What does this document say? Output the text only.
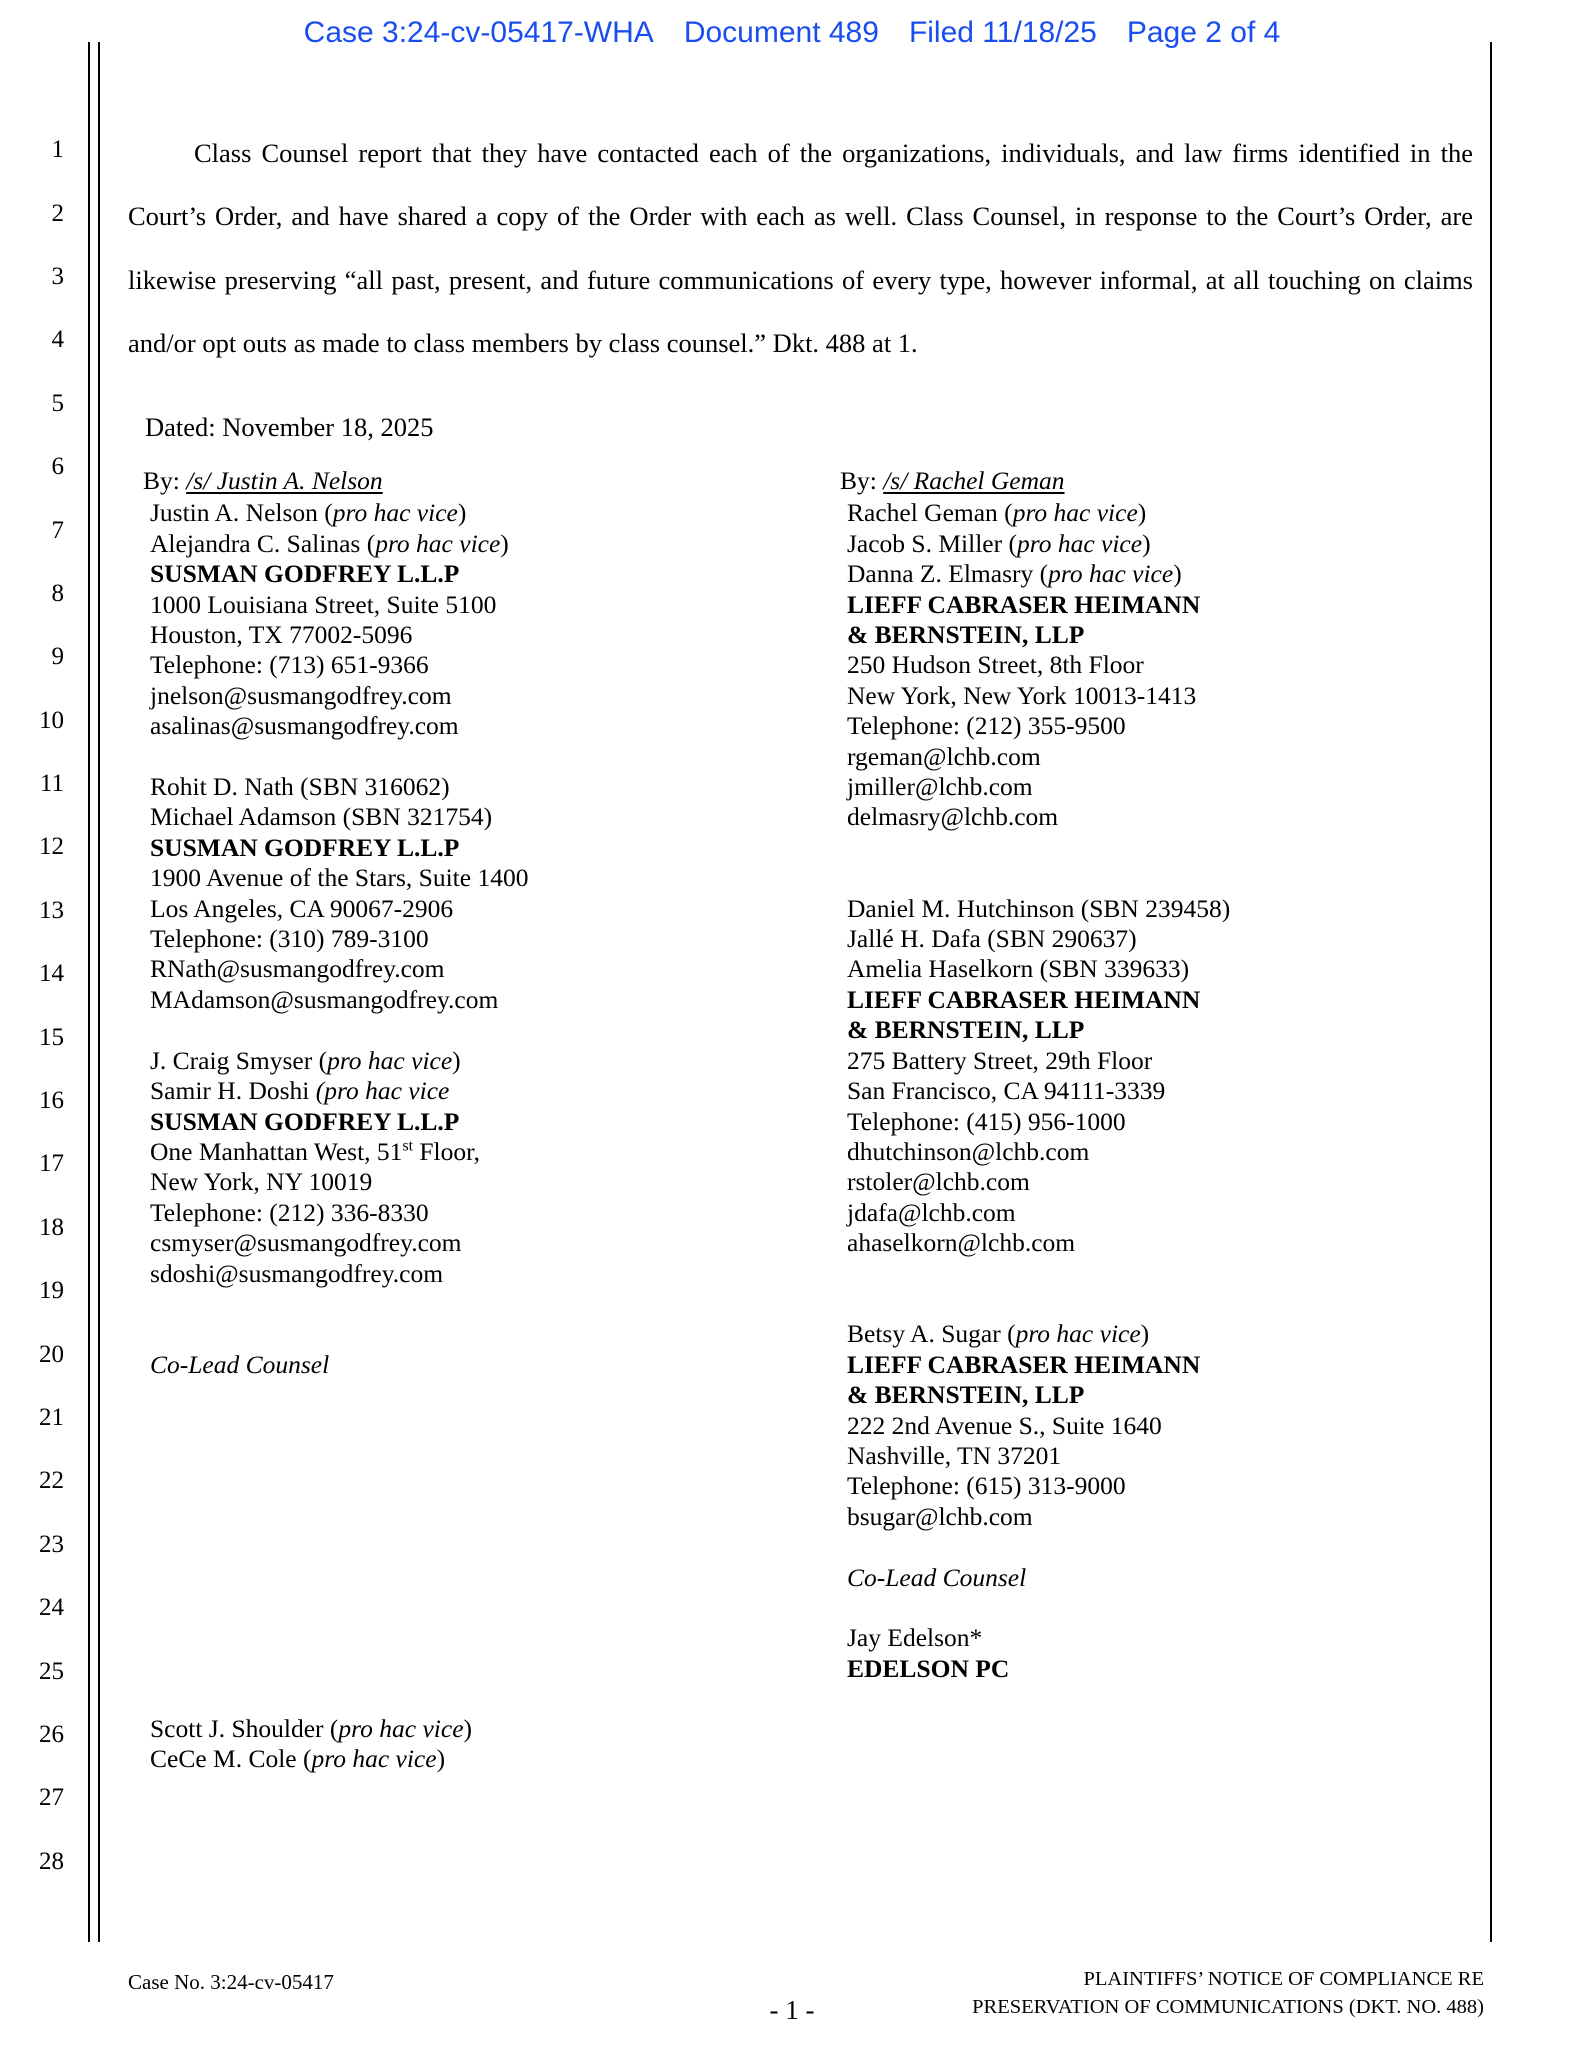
Case 3:24-cv-05417-WHA Document 489 Filed 11/18/25 Page 2 of 4
1
2
3
4
5
6
7
8
9
10
11
12
13
14
15
16
17
18
19
20
21
22
23
24
25
26
27
28
Class Counsel report that they have contacted each of the organizations, individuals, and law firms identified in the Court’s Order, and have shared a copy of the Order with each as well. Class Counsel, in response to the Court’s Order, are likewise preserving “all past, present, and future communications of every type, however informal, at all touching on claims and/or opt outs as made to class members by class counsel.” Dkt. 488 at 1.
Dated: November 18, 2025
By: /s/ Justin A. Nelson
Justin A. Nelson (pro hac vice)
Alejandra C. Salinas (pro hac vice)
SUSMAN GODFREY L.L.P
1000 Louisiana Street, Suite 5100
Houston, TX 77002-5096
Telephone: (713) 651-9366
jnelson@susmangodfrey.com
asalinas@susmangodfrey.com
Rohit D. Nath (SBN 316062)
Michael Adamson (SBN 321754)
SUSMAN GODFREY L.L.P
1900 Avenue of the Stars, Suite 1400
Los Angeles, CA 90067-2906
Telephone: (310) 789-3100
RNath@susmangodfrey.com
MAdamson@susmangodfrey.com
J. Craig Smyser (pro hac vice)
Samir H. Doshi (pro hac vice
SUSMAN GODFREY L.L.P
One Manhattan West, 51st Floor,
New York, NY 10019
Telephone: (212) 336-8330
csmyser@susmangodfrey.com
sdoshi@susmangodfrey.com
Co-Lead Counsel
Scott J. Shoulder (pro hac vice)
CeCe M. Cole (pro hac vice)
By: /s/ Rachel Geman
Rachel Geman (pro hac vice)
Jacob S. Miller (pro hac vice)
Danna Z. Elmasry (pro hac vice)
LIEFF CABRASER HEIMANN
& BERNSTEIN, LLP
250 Hudson Street, 8th Floor
New York, New York 10013-1413
Telephone: (212) 355-9500
rgeman@lchb.com
jmiller@lchb.com
delmasry@lchb.com
Daniel M. Hutchinson (SBN 239458)
Jallé H. Dafa (SBN 290637)
Amelia Haselkorn (SBN 339633)
LIEFF CABRASER HEIMANN
& BERNSTEIN, LLP
275 Battery Street, 29th Floor
San Francisco, CA 94111-3339
Telephone: (415) 956-1000
dhutchinson@lchb.com
rstoler@lchb.com
jdafa@lchb.com
ahaselkorn@lchb.com
Betsy A. Sugar (pro hac vice)
LIEFF CABRASER HEIMANN
& BERNSTEIN, LLP
222 2nd Avenue S., Suite 1640
Nashville, TN 37201
Telephone: (615) 313-9000
bsugar@lchb.com
Co-Lead Counsel
Jay Edelson*
EDELSON PC
Case No. 3:24-cv-05417
- 1 -
PLAINTIFFS’ NOTICE OF COMPLIANCE RE
PRESERVATION OF COMMUNICATIONS (DKT. NO. 488)
